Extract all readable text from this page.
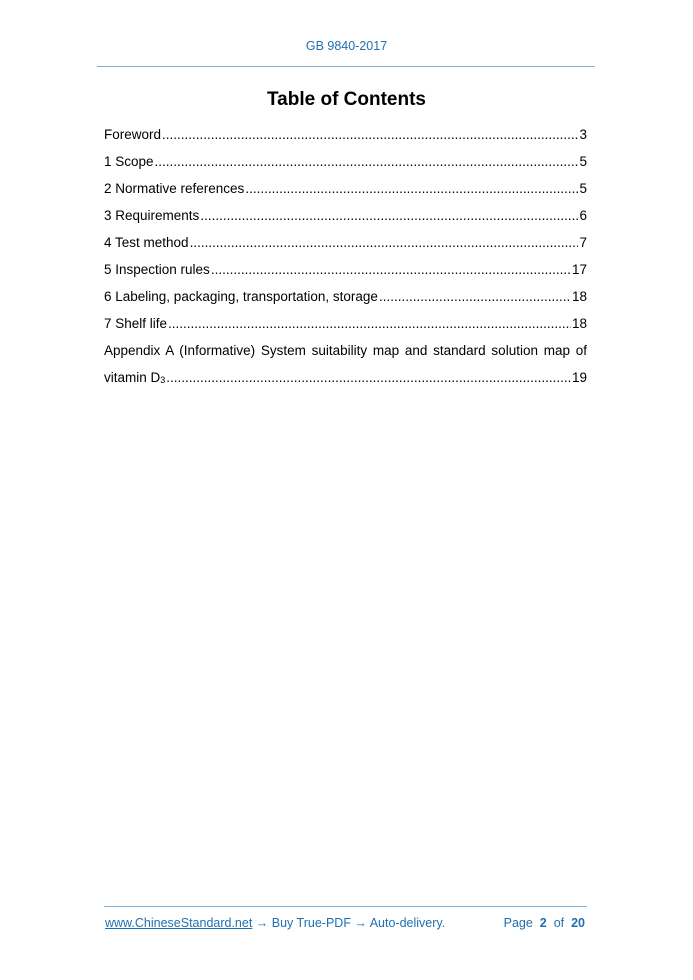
GB 9840-2017
Table of Contents
Foreword .....	3
1 Scope .....	5
2 Normative references .....	5
3 Requirements .....	6
4 Test method .....	7
5 Inspection rules .....	17
6 Labeling, packaging, transportation, storage .....	18
7 Shelf life .....	18
Appendix A (Informative) System suitability map and standard solution map of
vitamin $D_3$ .....	19
www.ChineseStandard.net → Buy True-PDF → Auto-delivery.	Page 2 of 20
